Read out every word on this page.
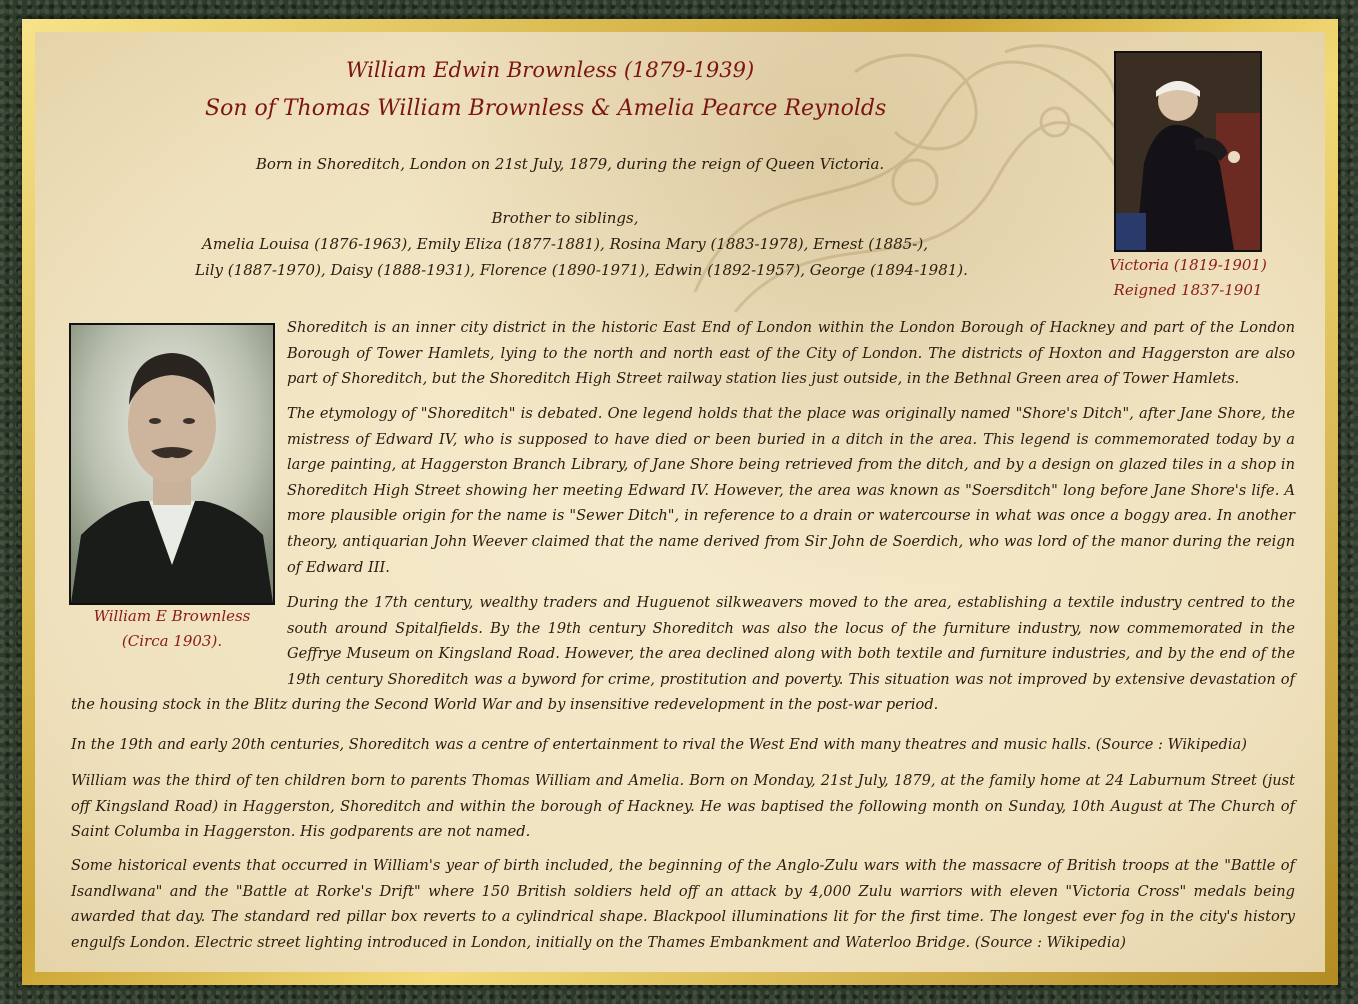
William Edwin Brownless (1879-1939)
Son of Thomas William Brownless & Amelia Pearce Reynolds
Born in Shoreditch, London on 21st July, 1879, during the reign of Queen Victoria.
Brother to siblings,
Amelia Louisa (1876-1963), Emily Eliza (1877-1881), Rosina Mary (1883-1978), Ernest (1885-),
Lily (1887-1970), Daisy (1888-1931), Florence (1890-1971), Edwin (1892-1957), George (1894-1981).	Victoria (1819-1901)
Reigned 1837-1901
William E Brownless
(Circa 1903).

Shoreditch is an inner city district in the historic East End of London within the London Borough of Hackney and part of the London Borough of Tower Hamlets, lying to the north and north east of the City of London. The districts of Hoxton and Haggerston are also part of Shoreditch, but the Shoreditch High Street railway station lies just outside, in the Bethnal Green area of Tower Hamlets.

The etymology of "Shoreditch" is debated. One legend holds that the place was originally named "Shore's Ditch", after Jane Shore, the mistress of Edward IV, who is supposed to have died or been buried in a ditch in the area. This legend is commemorated today by a large painting, at Haggerston Branch Library, of Jane Shore being retrieved from the ditch, and by a design on glazed tiles in a shop in Shoreditch High Street showing her meeting Edward IV. However, the area was known as "Soersditch" long before Jane Shore's life. A more plausible origin for the name is "Sewer Ditch", in reference to a drain or watercourse in what was once a boggy area. In another theory, antiquarian John Weever claimed that the name derived from Sir John de Soerdich, who was lord of the manor during the reign of Edward III.

During the 17th century, wealthy traders and Huguenot silkweavers moved to the area, establishing a textile industry centred to the south around Spitalfields. By the 19th century Shoreditch was also the locus of the furniture industry, now commemorated in the Geffrye Museum on Kingsland Road. However, the area declined along with both textile and furniture industries, and by the end of the 19th century Shoreditch was a byword for crime, prostitution and poverty. This situation was not improved by extensive devastation of the housing stock in the Blitz during the Second World War and by insensitive redevelopment in the post-war period.

In the 19th and early 20th centuries, Shoreditch was a centre of entertainment to rival the West End with many theatres and music halls. (Source : Wikipedia)

William was the third of ten children born to parents Thomas William and Amelia. Born on Monday, 21st July, 1879, at the family home at 24 Laburnum Street (just off Kingsland Road) in Haggerston, Shoreditch and within the borough of Hackney. He was baptised the following month on Sunday, 10th August at The Church of Saint Columba in Haggerston. His godparents are not named.

Some historical events that occurred in William's year of birth included, the beginning of the Anglo-Zulu wars with the massacre of British troops at the "Battle of Isandlwana" and the "Battle at Rorke's Drift" where 150 British soldiers held off an attack by 4,000 Zulu warriors with eleven "Victoria Cross" medals being awarded that day. The standard red pillar box reverts to a cylindrical shape. Blackpool illuminations lit for the first time. The longest ever fog in the city's history engulfs London. Electric street lighting introduced in London, initially on the Thames Embankment and Waterloo Bridge. (Source : Wikipedia)
